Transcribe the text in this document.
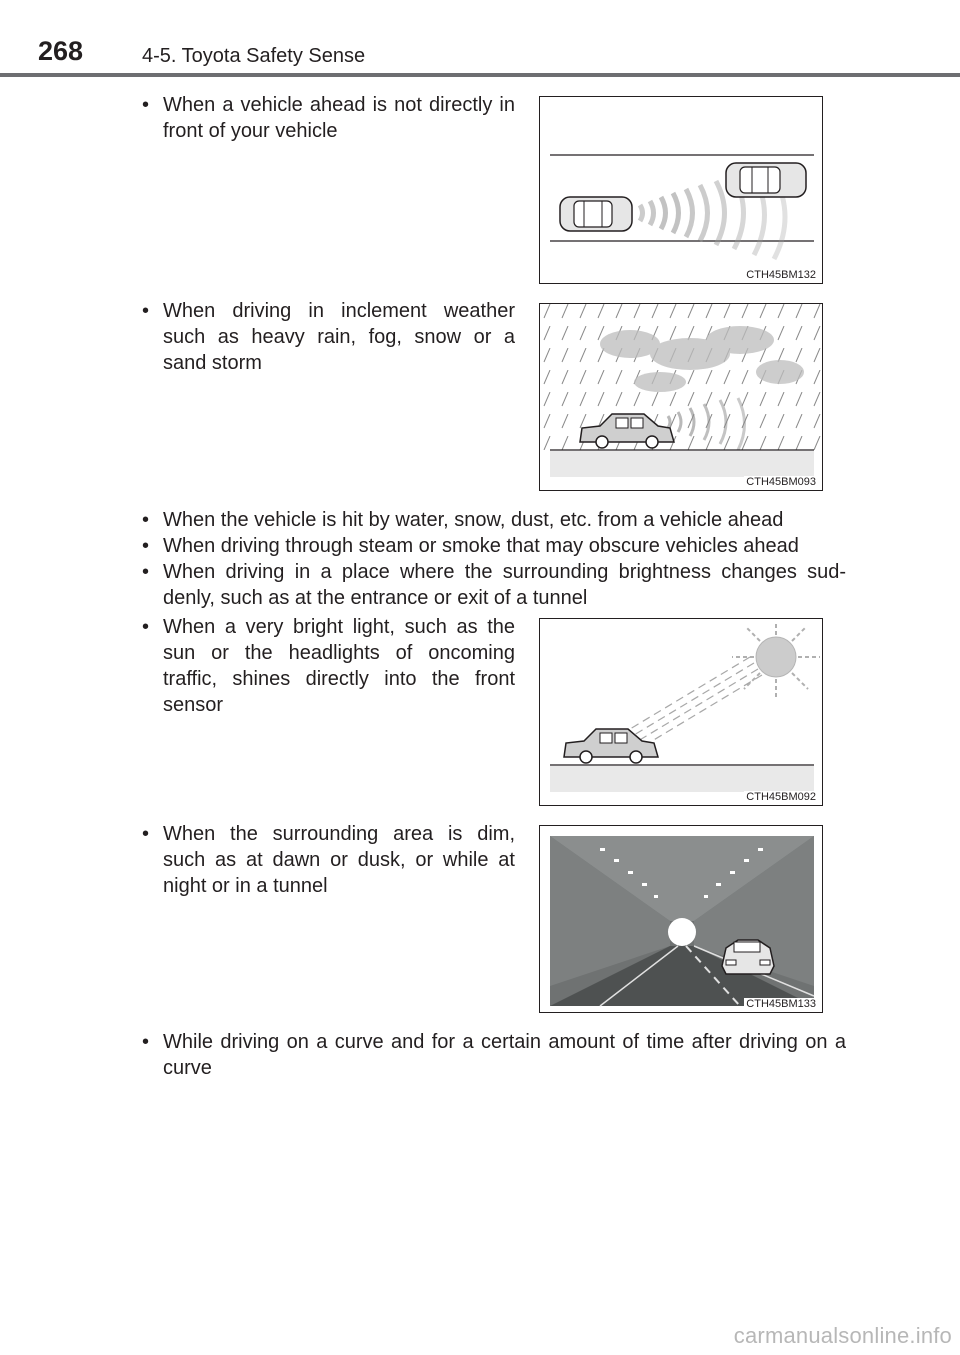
268	4-5. Toyota Safety Sense
• When a vehicle ahead is not directly in front of your vehicle
CTH45BM132
• When driving in inclement weather such as heavy rain, fog, snow or a sand storm
CTH45BM093
• When the vehicle is hit by water, snow, dust, etc. from a vehicle ahead
• When driving through steam or smoke that may obscure vehicles ahead
• When driving in a place where the surrounding brightness changes sud-denly, such as at the entrance or exit of a tunnel
• When a very bright light, such as the sun or the headlights of oncoming traffic, shines directly into the front sensor
CTH45BM092
• When the surrounding area is dim, such as at dawn or dusk, or while at night or in a tunnel
CTH45BM133
• While driving on a curve and for a certain amount of time after driving on a curve
carmanualsonline.info
